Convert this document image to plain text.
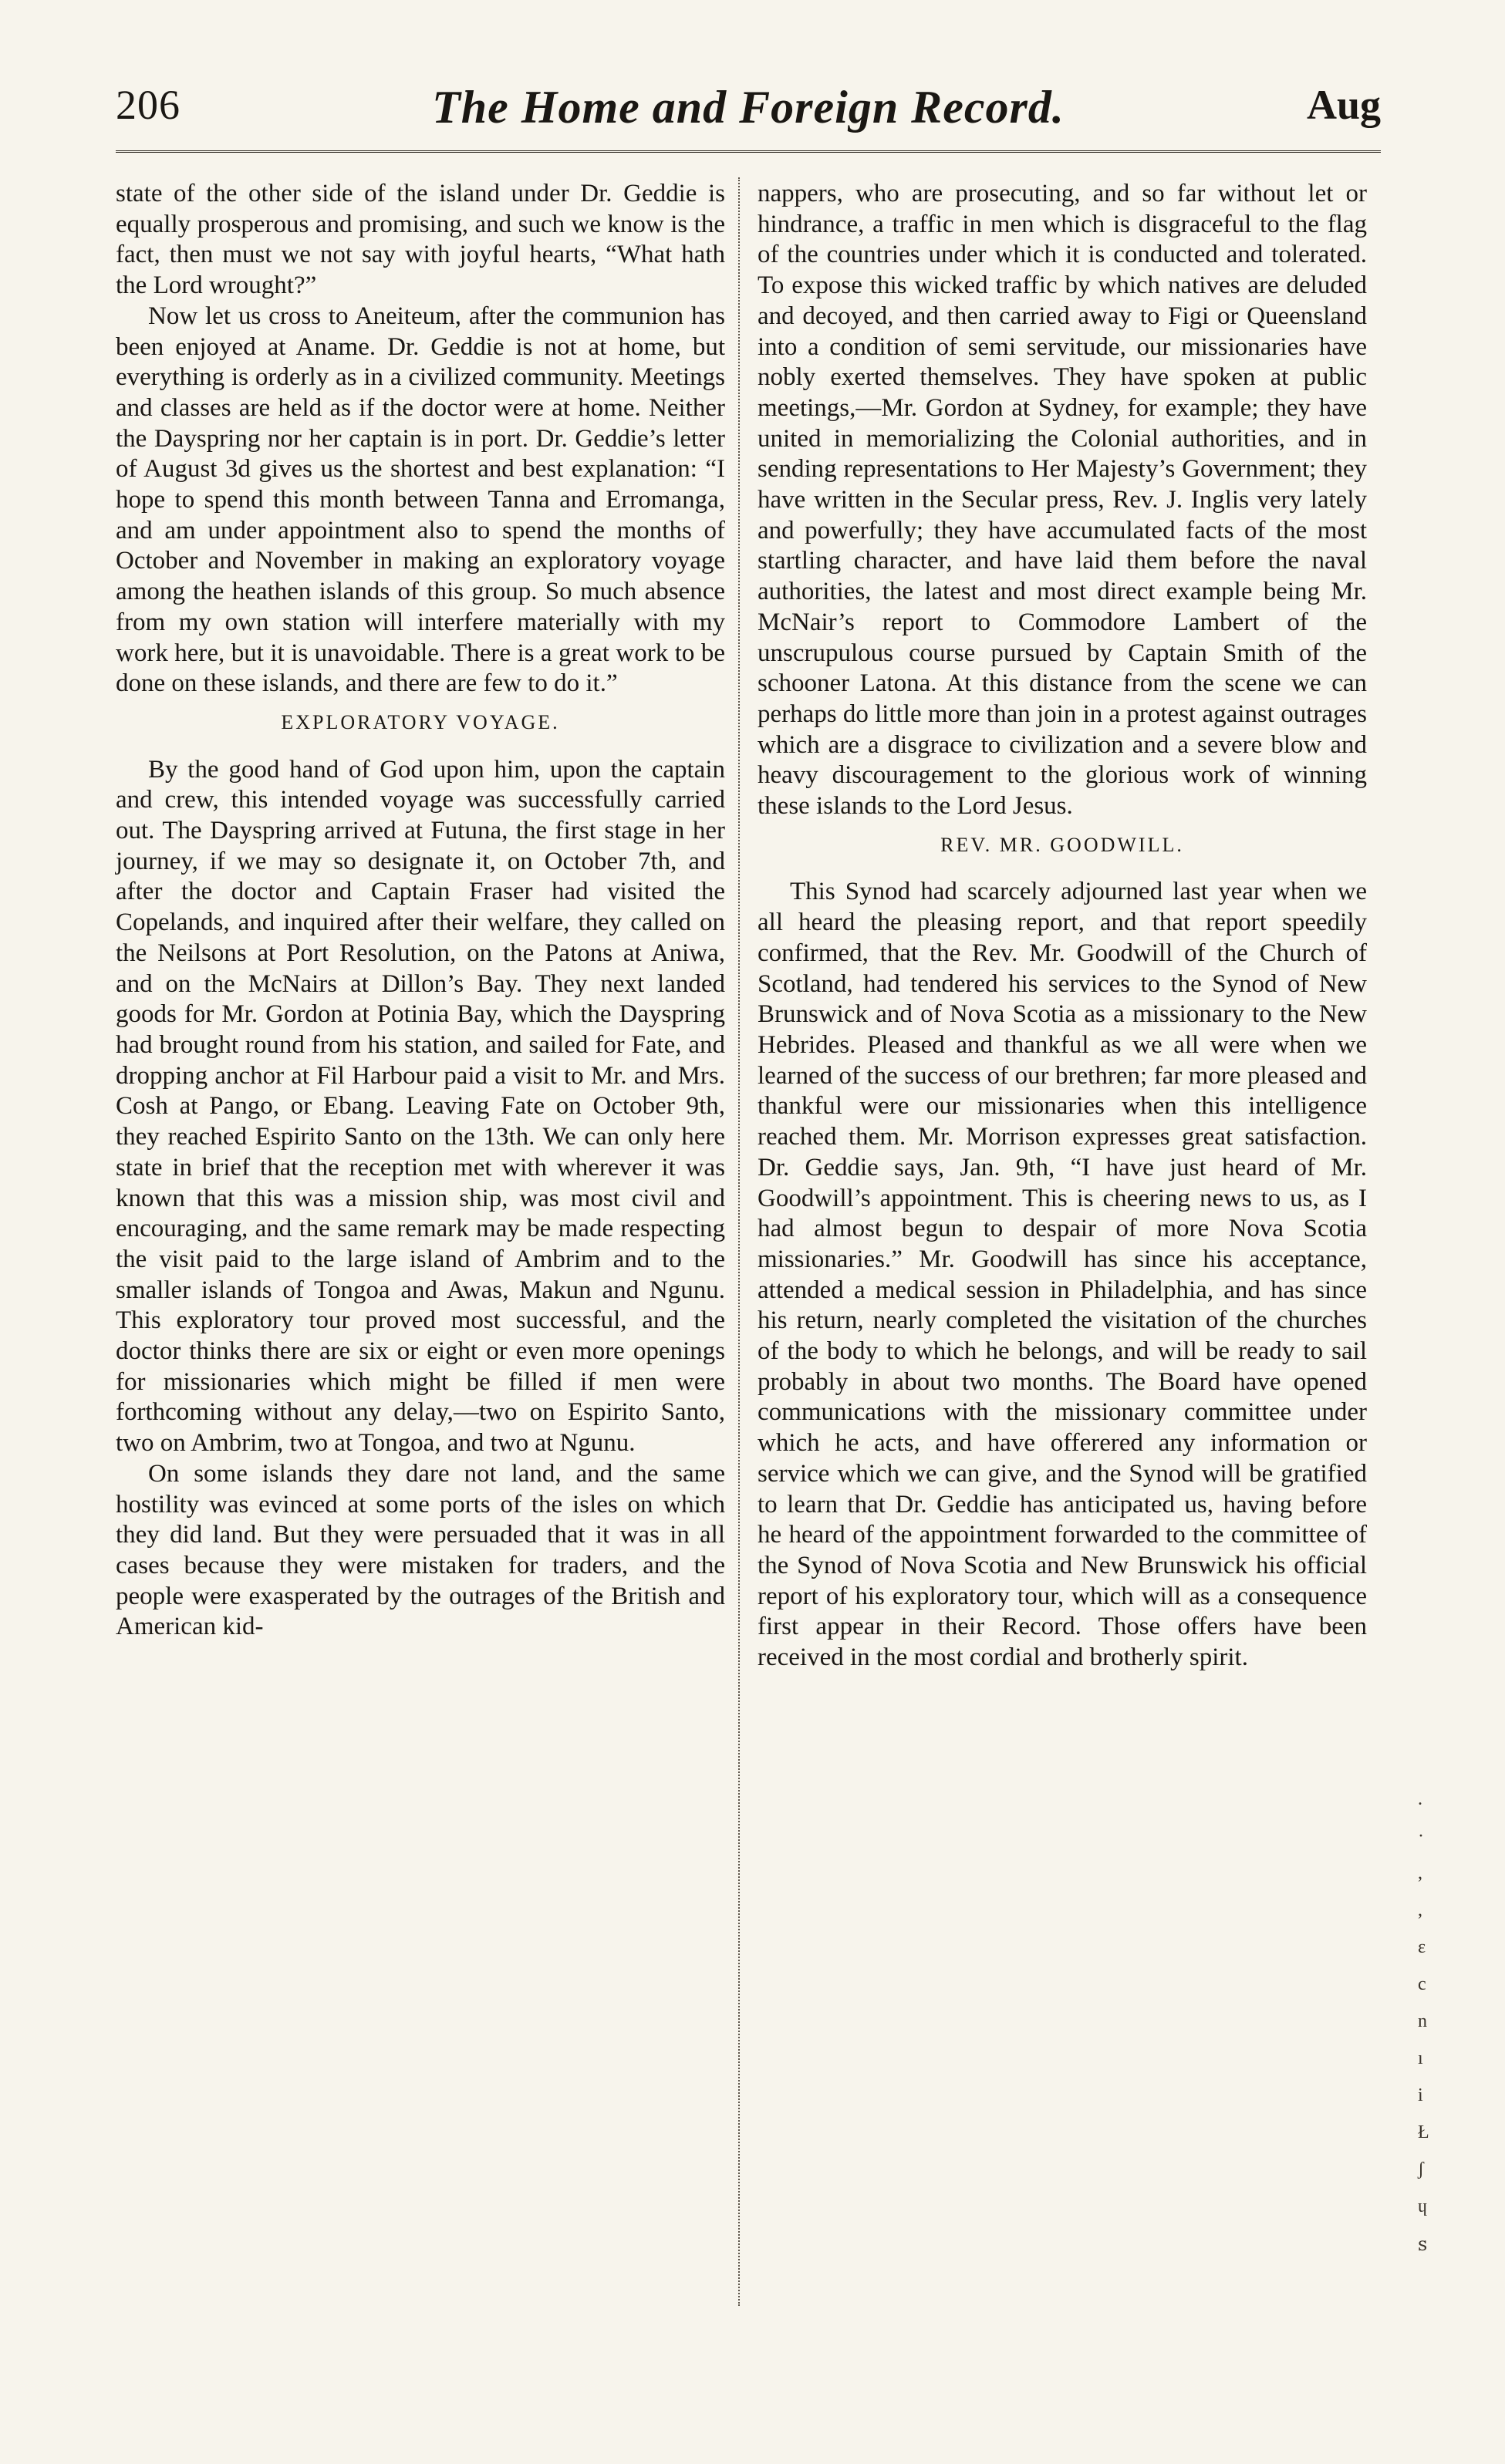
206	The Home and Foreign Record.	Aug

state of the other side of the island under Dr. Geddie is equally prosperous and promising, and such we know is the fact, then must we not say with joyful hearts, “What hath the Lord wrought?”

Now let us cross to Aneiteum, after the communion has been enjoyed at Aname. Dr. Geddie is not at home, but everything is orderly as in a civilized community. Meetings and classes are held as if the doctor were at home. Neither the Dayspring nor her captain is in port. Dr. Geddie’s letter of August 3d gives us the shortest and best explanation: “I hope to spend this month between Tanna and Erromanga, and am under appointment also to spend the months of October and November in making an exploratory voyage among the heathen islands of this group. So much absence from my own station will interfere materially with my work here, but it is unavoidable. There is a great work to be done on these islands, and there are few to do it.”

EXPLORATORY VOYAGE.

By the good hand of God upon him, upon the captain and crew, this intended voyage was successfully carried out. The Dayspring arrived at Futuna, the first stage in her journey, if we may so designate it, on October 7th, and after the doctor and Captain Fraser had visited the Copelands, and inquired after their welfare, they called on the Neilsons at Port Resolution, on the Patons at Aniwa, and on the McNairs at Dillon’s Bay. They next landed goods for Mr. Gordon at Potinia Bay, which the Dayspring had brought round from his station, and sailed for Fate, and dropping anchor at Fil Harbour paid a visit to Mr. and Mrs. Cosh at Pango, or Ebang. Leaving Fate on October 9th, they reached Espirito Santo on the 13th. We can only here state in brief that the reception met with wherever it was known that this was a mission ship, was most civil and encouraging, and the same remark may be made respecting the visit paid to the large island of Ambrim and to the smaller islands of Tongoa and Awas, Makun and Ngunu. This exploratory tour proved most successful, and the doctor thinks there are six or eight or even more openings for missionaries which might be filled if men were forthcoming without any delay,—two on Espirito Santo, two on Ambrim, two at Tongoa, and two at Ngunu.

On some islands they dare not land, and the same hostility was evinced at some ports of the isles on which they did land. But they were persuaded that it was in all cases because they were mistaken for traders, and the people were exasperated by the outrages of the British and American kid-

nappers, who are prosecuting, and so far without let or hindrance, a traffic in men which is disgraceful to the flag of the countries under which it is conducted and tolerated. To expose this wicked traffic by which natives are deluded and decoyed, and then carried away to Figi or Queensland into a condition of semi servitude, our missionaries have nobly exerted themselves. They have spoken at public meetings,—Mr. Gordon at Sydney, for example; they have united in memorializing the Colonial authorities, and in sending representations to Her Majesty’s Government; they have written in the Secular press, Rev. J. Inglis very lately and powerfully; they have accumulated facts of the most startling character, and have laid them before the naval authorities, the latest and most direct example being Mr. McNair’s report to Commodore Lambert of the unscrupulous course pursued by Captain Smith of the schooner Latona. At this distance from the scene we can perhaps do little more than join in a protest against outrages which are a disgrace to civilization and a severe blow and heavy discouragement to the glorious work of winning these islands to the Lord Jesus.

REV. MR. GOODWILL.

This Synod had scarcely adjourned last year when we all heard the pleasing report, and that report speedily confirmed, that the Rev. Mr. Goodwill of the Church of Scotland, had tendered his services to the Synod of New Brunswick and of Nova Scotia as a missionary to the New Hebrides. Pleased and thankful as we all were when we learned of the success of our brethren; far more pleased and thankful were our missionaries when this intelligence reached them. Mr. Morrison expresses great satisfaction. Dr. Geddie says, Jan. 9th, “I have just heard of Mr. Goodwill’s appointment. This is cheering news to us, as I had almost begun to despair of more Nova Scotia missionaries.” Mr. Goodwill has since his acceptance, attended a medical session in Philadelphia, and has since his return, nearly completed the visitation of the churches of the body to which he belongs, and will be ready to sail probably in about two months. The Board have opened communications with the missionary committee under which he acts, and have offerered any information or service which we can give, and the Synod will be gratified to learn that Dr. Geddie has anticipated us, having before he heard of the appointment forwarded to the committee of the Synod of Nova Scotia and New Brunswick his official report of his exploratory tour, which will as a consequence first appear in their Record. Those offers have been received in the most cordial and brotherly spirit.

.
·
,
,
ɛ
c
n
ı
i
Ł
ʃ
ɥ
ꜱ
